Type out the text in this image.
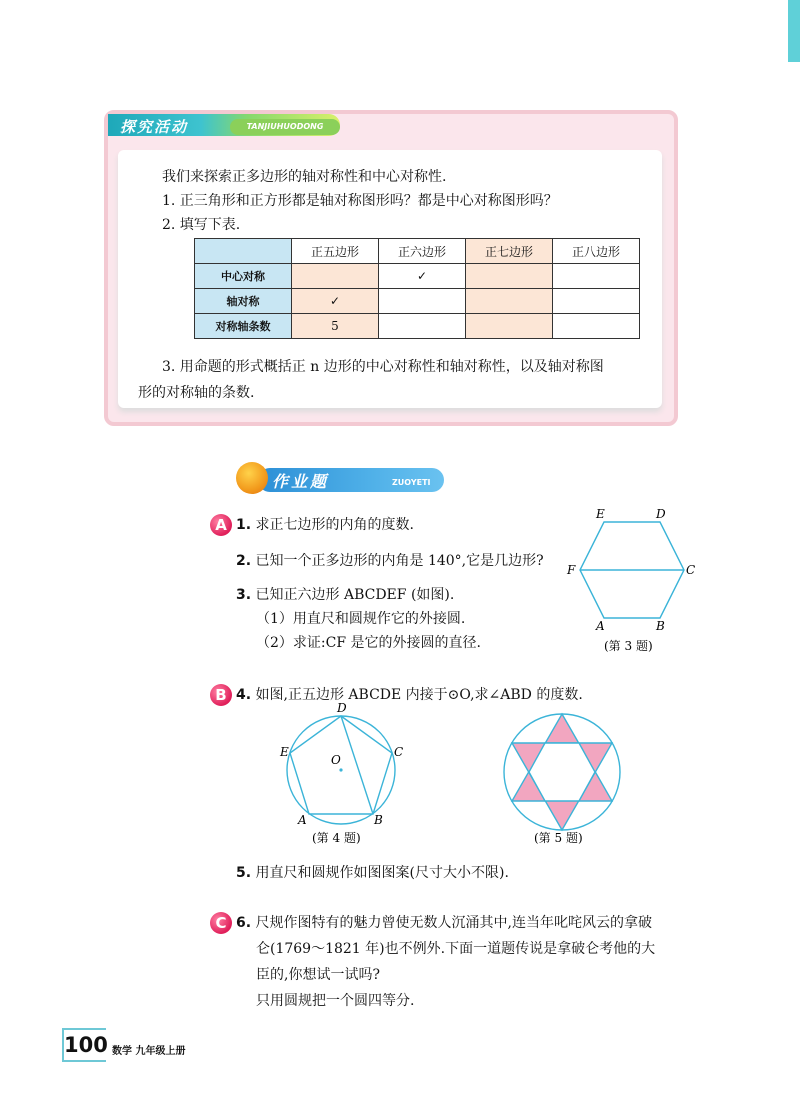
探究活动	TANJIUHUODONG
我们来探索正多边形的轴对称性和中心对称性.
1. 正三角形和正方形都是轴对称图形吗？都是中心对称图形吗？
2. 填写下表.
	正五边形	正六边形	正七边形	正八边形
中心对称		✓		
轴对称	✓			
对称轴条数	5			
3. 用命题的形式概括正 n 边形的中心对称性和轴对称性，以及轴对称图
形的对称轴的条数.
作业题	ZUOYETI
A 1. 求正七边形的内角的度数.
2. 已知一个正多边形的内角是 140°,它是几边形?
3. 已知正六边形 ABCDEF (如图).
（1）用直尺和圆规作它的外接圆.
（2）求证:CF 是它的外接圆的直径.
E	D
F	C
A	B
(第 3 题)
B 4. 如图,正五边形 ABCDE 内接于⊙O,求∠ABD 的度数.
D
C
E
O
A	B
(第 4 题)	(第 5 题)
5. 用直尺和圆规作如图图案(尺寸大小不限).
C 6. 尺规作图特有的魅力曾使无数人沉涌其中,连当年叱咤风云的拿破
仑(1769～1821 年)也不例外.下面一道题传说是拿破仑考他的大
臣的,你想试一试吗?
只用圆规把一个圆四等分.
100 数学 九年级上册
